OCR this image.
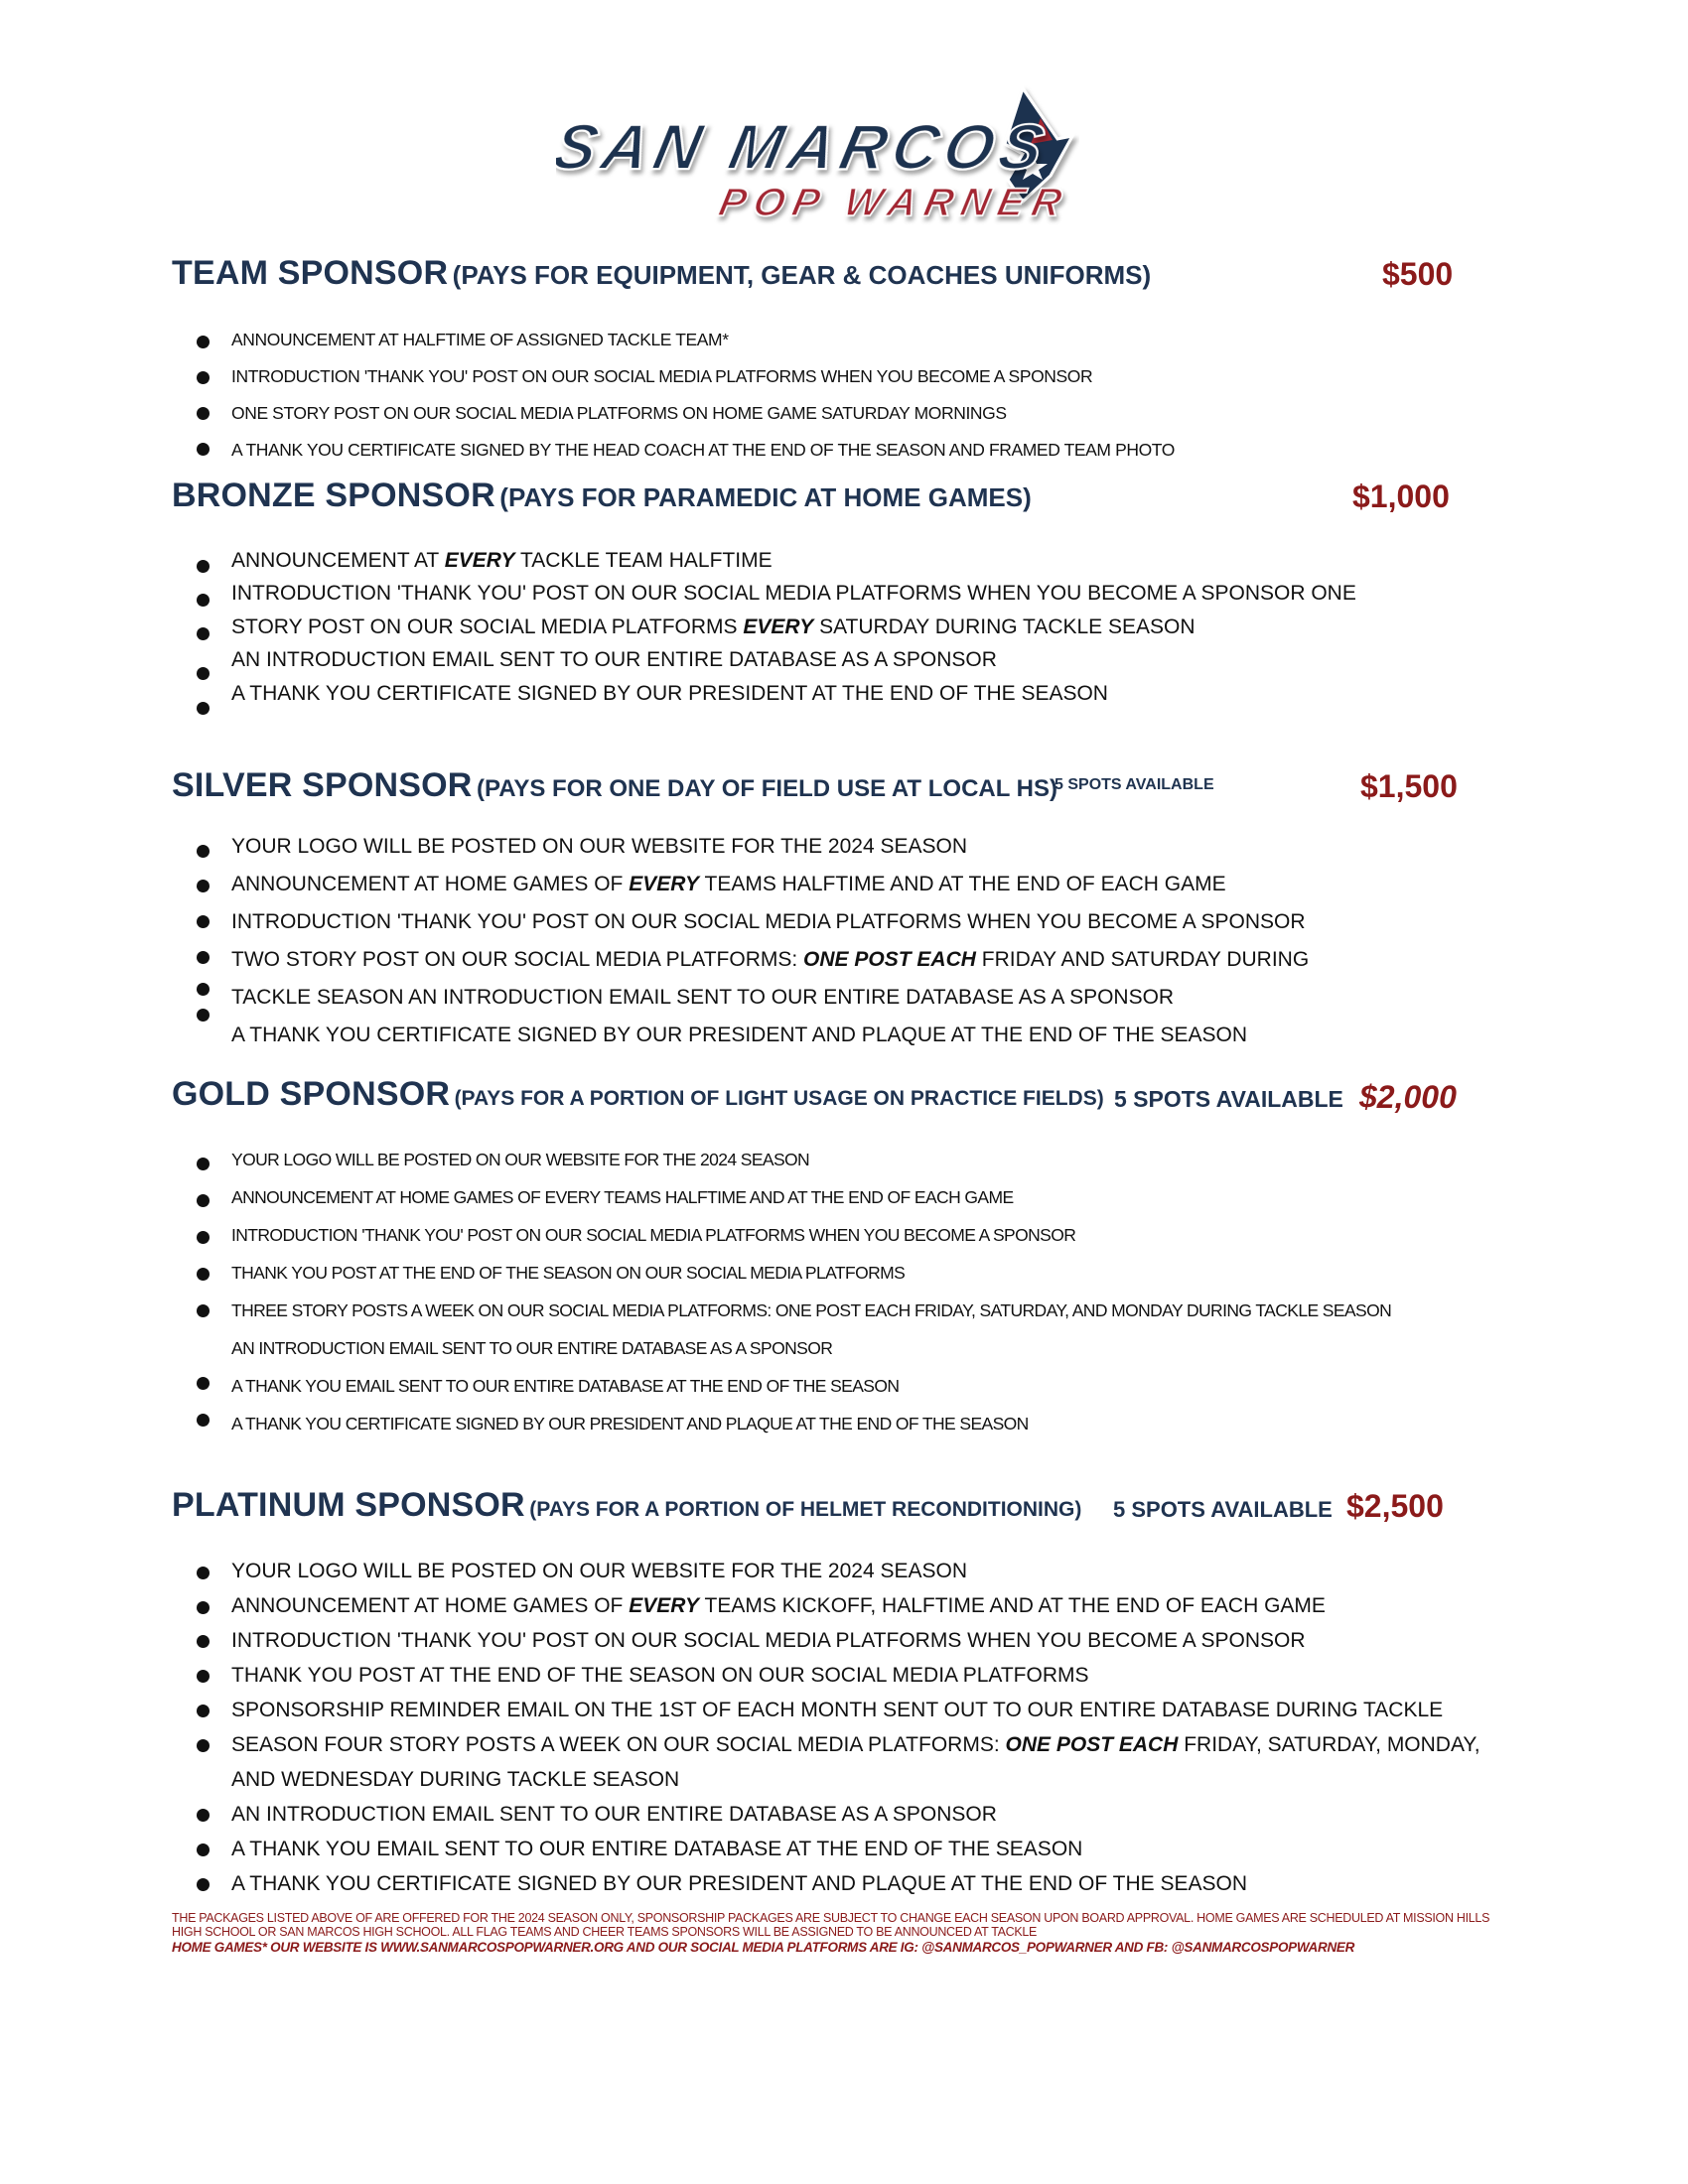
SAN MARCOS
POP WARNER
TEAM SPONSOR (PAYS FOR EQUIPMENT, GEAR & COACHES UNIFORMS)	$500
ANNOUNCEMENT AT HALFTIME OF ASSIGNED TACKLE TEAM*
INTRODUCTION 'THANK YOU' POST ON OUR SOCIAL MEDIA PLATFORMS WHEN YOU BECOME A SPONSOR
ONE STORY POST ON OUR SOCIAL MEDIA PLATFORMS ON HOME GAME SATURDAY MORNINGS
A THANK YOU CERTIFICATE SIGNED BY THE HEAD COACH AT THE END OF THE SEASON AND FRAMED TEAM PHOTO
BRONZE SPONSOR (PAYS FOR PARAMEDIC AT HOME GAMES)	$1,000
ANNOUNCEMENT AT EVERY TACKLE TEAM HALFTIME
INTRODUCTION 'THANK YOU' POST ON OUR SOCIAL MEDIA PLATFORMS WHEN YOU BECOME A SPONSOR ONE
STORY POST ON OUR SOCIAL MEDIA PLATFORMS EVERY SATURDAY DURING TACKLE SEASON
AN INTRODUCTION EMAIL SENT TO OUR ENTIRE DATABASE AS A SPONSOR
A THANK YOU CERTIFICATE SIGNED BY OUR PRESIDENT AT THE END OF THE SEASON
SILVER SPONSOR (PAYS FOR ONE DAY OF FIELD USE AT LOCAL HS)
5 SPOTS AVAILABLE	$1,500
YOUR LOGO WILL BE POSTED ON OUR WEBSITE FOR THE 2024 SEASON
ANNOUNCEMENT AT HOME GAMES OF EVERY TEAMS HALFTIME AND AT THE END OF EACH GAME
INTRODUCTION 'THANK YOU' POST ON OUR SOCIAL MEDIA PLATFORMS WHEN YOU BECOME A SPONSOR
TWO STORY POST ON OUR SOCIAL MEDIA PLATFORMS: ONE POST EACH FRIDAY AND SATURDAY DURING
TACKLE SEASON AN INTRODUCTION EMAIL SENT TO OUR ENTIRE DATABASE AS A SPONSOR
A THANK YOU CERTIFICATE SIGNED BY OUR PRESIDENT AND PLAQUE AT THE END OF THE SEASON
GOLD SPONSOR (PAYS FOR A PORTION OF LIGHT USAGE ON PRACTICE FIELDS) 5 SPOTS AVAILABLE $2,000
YOUR LOGO WILL BE POSTED ON OUR WEBSITE FOR THE 2024 SEASON
ANNOUNCEMENT AT HOME GAMES OF EVERY TEAMS HALFTIME AND AT THE END OF EACH GAME
INTRODUCTION 'THANK YOU' POST ON OUR SOCIAL MEDIA PLATFORMS WHEN YOU BECOME A SPONSOR
THANK YOU POST AT THE END OF THE SEASON ON OUR SOCIAL MEDIA PLATFORMS
THREE STORY POSTS A WEEK ON OUR SOCIAL MEDIA PLATFORMS: ONE POST EACH FRIDAY, SATURDAY, AND MONDAY DURING TACKLE SEASON
AN INTRODUCTION EMAIL SENT TO OUR ENTIRE DATABASE AS A SPONSOR
A THANK YOU EMAIL SENT TO OUR ENTIRE DATABASE AT THE END OF THE SEASON
A THANK YOU CERTIFICATE SIGNED BY OUR PRESIDENT AND PLAQUE AT THE END OF THE SEASON
PLATINUM SPONSOR (PAYS FOR A PORTION OF HELMET RECONDITIONING) 5 SPOTS AVAILABLE $2,500
YOUR LOGO WILL BE POSTED ON OUR WEBSITE FOR THE 2024 SEASON
ANNOUNCEMENT AT HOME GAMES OF EVERY TEAMS KICKOFF, HALFTIME AND AT THE END OF EACH GAME
INTRODUCTION 'THANK YOU' POST ON OUR SOCIAL MEDIA PLATFORMS WHEN YOU BECOME A SPONSOR
THANK YOU POST AT THE END OF THE SEASON ON OUR SOCIAL MEDIA PLATFORMS
SPONSORSHIP REMINDER EMAIL ON THE 1ST OF EACH MONTH SENT OUT TO OUR ENTIRE DATABASE DURING TACKLE
SEASON FOUR STORY POSTS A WEEK ON OUR SOCIAL MEDIA PLATFORMS: ONE POST EACH FRIDAY, SATURDAY, MONDAY,
AND WEDNESDAY DURING TACKLE SEASON
AN INTRODUCTION EMAIL SENT TO OUR ENTIRE DATABASE AS A SPONSOR
A THANK YOU EMAIL SENT TO OUR ENTIRE DATABASE AT THE END OF THE SEASON
A THANK YOU CERTIFICATE SIGNED BY OUR PRESIDENT AND PLAQUE AT THE END OF THE SEASON
THE PACKAGES LISTED ABOVE OF ARE OFFERED FOR THE 2024 SEASON ONLY, SPONSORSHIP PACKAGES ARE SUBJECT TO CHANGE EACH SEASON UPON BOARD APPROVAL. HOME GAMES ARE SCHEDULED AT MISSION HILLS HIGH SCHOOL OR SAN MARCOS HIGH SCHOOL. ALL FLAG TEAMS AND CHEER TEAMS SPONSORS WILL BE ASSIGNED TO BE ANNOUNCED AT TACKLE
HOME GAMES* OUR WEBSITE IS WWW.SANMARCOSPOPWARNER.ORG AND OUR SOCIAL MEDIA PLATFORMS ARE IG: @SANMARCOS_POPWARNER AND FB: @SANMARCOSPOPWARNER
